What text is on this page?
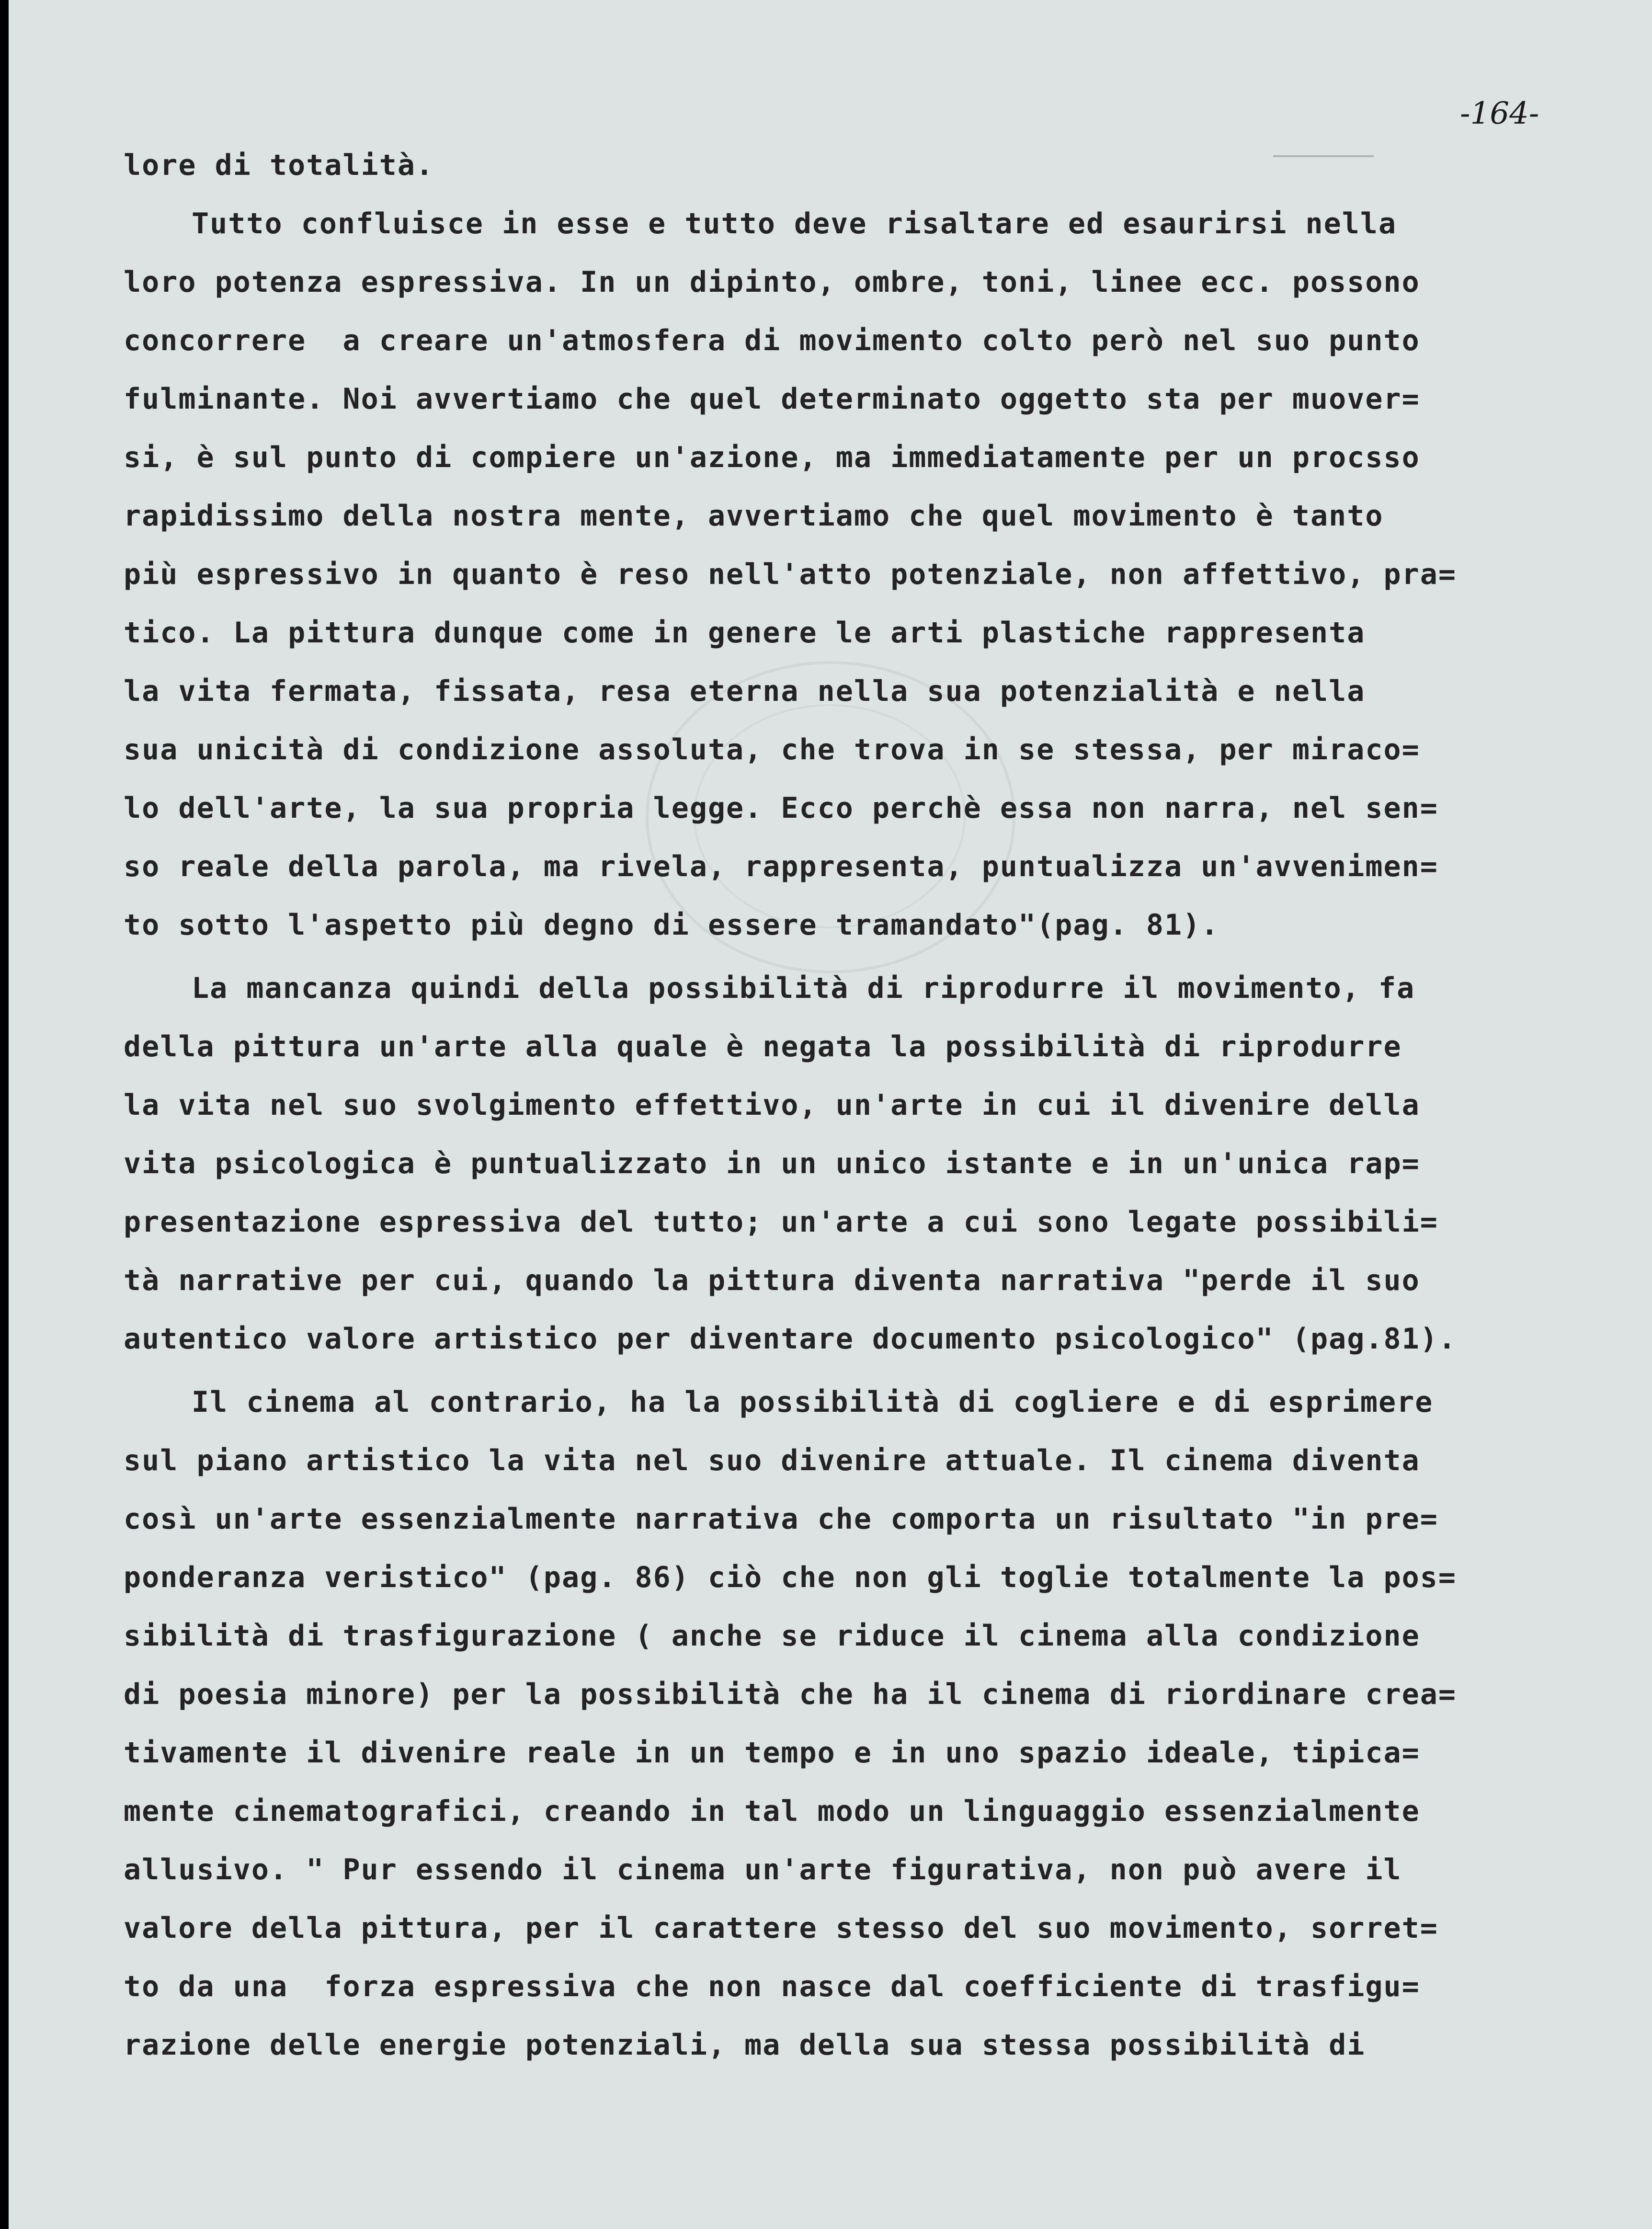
-164-
lore di totalità.
Tutto confluisce in esse e tutto deve risaltare ed esaurirsi nella
loro potenza espressiva. In un dipinto, ombre, toni, linee ecc. possono
concorrere  a creare un'atmosfera di movimento colto però nel suo punto
fulminante. Noi avvertiamo che quel determinato oggetto sta per muover=
si, è sul punto di compiere un'azione, ma immediatamente per un procsso
rapidissimo della nostra mente, avvertiamo che quel movimento è tanto
più espressivo in quanto è reso nell'atto potenziale, non affettivo, pra=
tico. La pittura dunque come in genere le arti plastiche rappresenta
la vita fermata, fissata, resa eterna nella sua potenzialità e nella
sua unicità di condizione assoluta, che trova in se stessa, per miraco=
lo dell'arte, la sua propria legge. Ecco perchè essa non narra, nel sen=
so reale della parola, ma rivela, rappresenta, puntualizza un'avvenimen=
to sotto l'aspetto più degno di essere tramandato"(pag. 81).
La mancanza quindi della possibilità di riprodurre il movimento, fa
della pittura un'arte alla quale è negata la possibilità di riprodurre
la vita nel suo svolgimento effettivo, un'arte in cui il divenire della
vita psicologica è puntualizzato in un unico istante e in un'unica rap=
presentazione espressiva del tutto; un'arte a cui sono legate possibili=
tà narrative per cui, quando la pittura diventa narrativa "perde il suo
autentico valore artistico per diventare documento psicologico" (pag.81).
Il cinema al contrario, ha la possibilità di cogliere e di esprimere
sul piano artistico la vita nel suo divenire attuale. Il cinema diventa
così un'arte essenzialmente narrativa che comporta un risultato "in pre=
ponderanza veristico" (pag. 86) ciò che non gli toglie totalmente la pos=
sibilità di trasfigurazione ( anche se riduce il cinema alla condizione
di poesia minore) per la possibilità che ha il cinema di riordinare crea=
tivamente il divenire reale in un tempo e in uno spazio ideale, tipica=
mente cinematografici, creando in tal modo un linguaggio essenzialmente
allusivo. " Pur essendo il cinema un'arte figurativa, non può avere il
valore della pittura, per il carattere stesso del suo movimento, sorret=
to da una  forza espressiva che non nasce dal coefficiente di trasfigu=
razione delle energie potenziali, ma della sua stessa possibilità di
